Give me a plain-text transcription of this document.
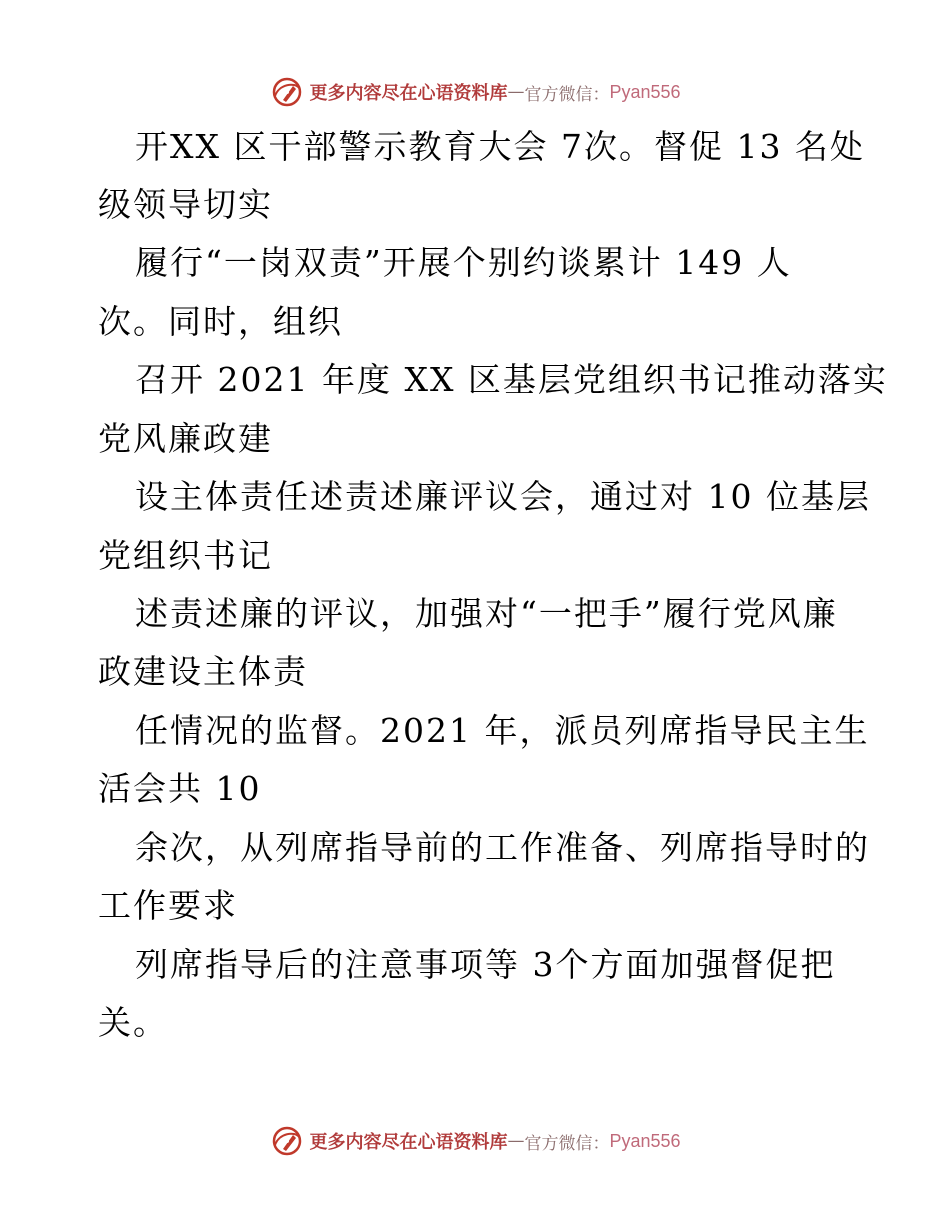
更多内容尽在心语资料库 — 官方微信： Pyan556
开XX 区干部警示教育大会 7次。督促 13 名处
级领导切实
履行“一岗双责”开展个别约谈累计 149 人
次。同时，组织
召开 2021 年度 XX 区基层党组织书记推动落实
党风廉政建
设主体责任述责述廉评议会，通过对 10 位基层
党组织书记
述责述廉的评议，加强对“一把手”履行党风廉
政建设主体责
任情况的监督。2021 年，派员列席指导民主生
活会共 10
余次，从列席指导前的工作准备、列席指导时的
工作要求
列席指导后的注意事项等 3个方面加强督促把
关。
更多内容尽在心语资料库 — 官方微信： Pyan556
